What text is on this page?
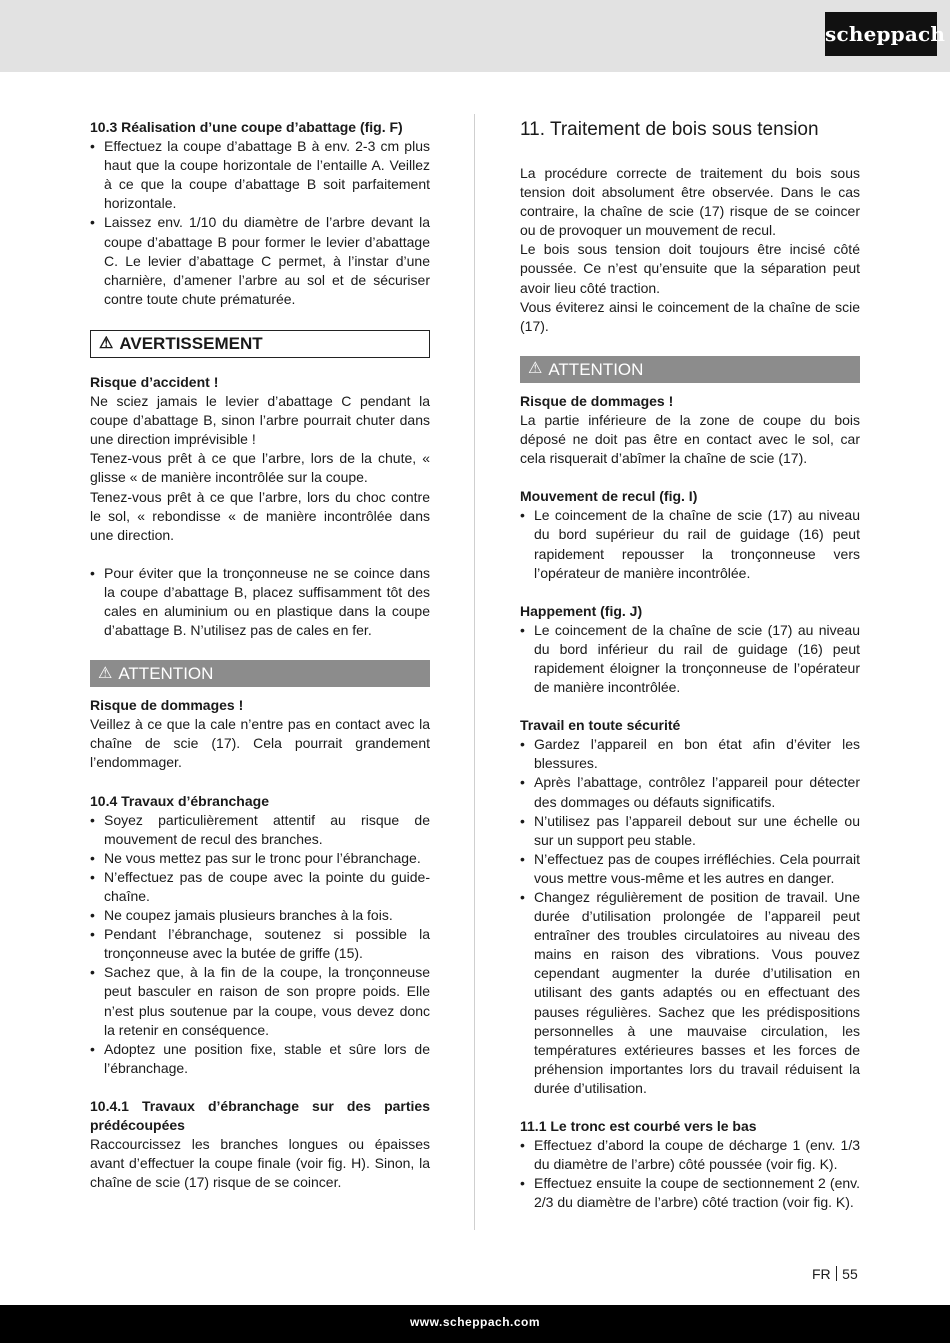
scheppach

10.3 Réalisation d’une coupe d’abattage (fig. F)

• Effectuez la coupe d’abattage B à env. 2-3 cm plus haut que la coupe horizontale de l’entaille A. Veillez à ce que la coupe d’abattage B soit parfaitement horizontale.
• Laissez env. 1/10 du diamètre de l’arbre devant la coupe d’abattage B pour former le levier d’abattage C. Le levier d’abattage C permet, à l’instar d’une charnière, d’amener l’arbre au sol et de sécuriser contre toute chute prématurée.
⚠ AVERTISSEMENT

Risque d’accident !

Ne sciez jamais le levier d’abattage C pendant la coupe d’abattage B, sinon l’arbre pourrait chuter dans une direction imprévisible !

Tenez-vous prêt à ce que l’arbre, lors de la chute, « glisse « de manière incontrôlée sur la coupe.

Tenez-vous prêt à ce que l’arbre, lors du choc contre le sol, « rebondisse « de manière incontrôlée dans une direction.

• Pour éviter que la tronçonneuse ne se coince dans la coupe d’abattage B, placez suffisamment tôt des cales en aluminium ou en plastique dans la coupe d’abattage B. N’utilisez pas de cales en fer.
⚠ ATTENTION

Risque de dommages !

Veillez à ce que la cale n’entre pas en contact avec la chaîne de scie (17). Cela pourrait grandement l’endommager.

10.4 Travaux d’ébranchage

• Soyez particulièrement attentif au risque de mouvement de recul des branches.
• Ne vous mettez pas sur le tronc pour l’ébranchage.
• N’effectuez pas de coupe avec la pointe du guide-chaîne.
• Ne coupez jamais plusieurs branches à la fois.
• Pendant l’ébranchage, soutenez si possible la tronçonneuse avec la butée de griffe (15).
• Sachez que, à la fin de la coupe, la tronçonneuse peut basculer en raison de son propre poids. Elle n’est plus soutenue par la coupe, vous devez donc la retenir en conséquence.
• Adoptez une position fixe, stable et sûre lors de l’ébranchage.

10.4.1 Travaux d’ébranchage sur des parties prédécoupées

Raccourcissez les branches longues ou épaisses avant d’effectuer la coupe finale (voir fig. H). Sinon, la chaîne de scie (17) risque de se coincer.

11. Traitement de bois sous tension

La procédure correcte de traitement du bois sous tension doit absolument être observée. Dans le cas contraire, la chaîne de scie (17) risque de se coincer ou de provoquer un mouvement de recul.

Le bois sous tension doit toujours être incisé côté poussée. Ce n’est qu’ensuite que la séparation peut avoir lieu côté traction.

Vous éviterez ainsi le coincement de la chaîne de scie (17).

⚠ ATTENTION

Risque de dommages !

La partie inférieure de la zone de coupe du bois déposé ne doit pas être en contact avec le sol, car cela risquerait d’abîmer la chaîne de scie (17).

Mouvement de recul (fig. I)

• Le coincement de la chaîne de scie (17) au niveau du bord supérieur du rail de guidage (16) peut rapidement repousser la tronçonneuse vers l’opérateur de manière incontrôlée.

Happement (fig. J)

• Le coincement de la chaîne de scie (17) au niveau du bord inférieur du rail de guidage (16) peut rapidement éloigner la tronçonneuse de l’opérateur de manière incontrôlée.

Travail en toute sécurité

• Gardez l’appareil en bon état afin d’éviter les blessures.
• Après l’abattage, contrôlez l’appareil pour détecter des dommages ou défauts significatifs.
• N’utilisez pas l’appareil debout sur une échelle ou sur un support peu stable.
• N’effectuez pas de coupes irréfléchies. Cela pourrait vous mettre vous-même et les autres en danger.
• Changez régulièrement de position de travail. Une durée d’utilisation prolongée de l’appareil peut entraîner des troubles circulatoires au niveau des mains en raison des vibrations. Vous pouvez cependant augmenter la durée d’utilisation en utilisant des gants adaptés ou en effectuant des pauses régulières. Sachez que les prédispositions personnelles à une mauvaise circulation, les températures extérieures basses et les forces de préhension importantes lors du travail réduisent la durée d’utilisation.

11.1 Le tronc est courbé vers le bas

• Effectuez d’abord la coupe de décharge 1 (env. 1/3 du diamètre de l’arbre) côté poussée (voir fig. K).
• Effectuez ensuite la coupe de sectionnement 2 (env. 2/3 du diamètre de l’arbre) côté traction (voir fig. K).
FR 55
www.scheppach.com
